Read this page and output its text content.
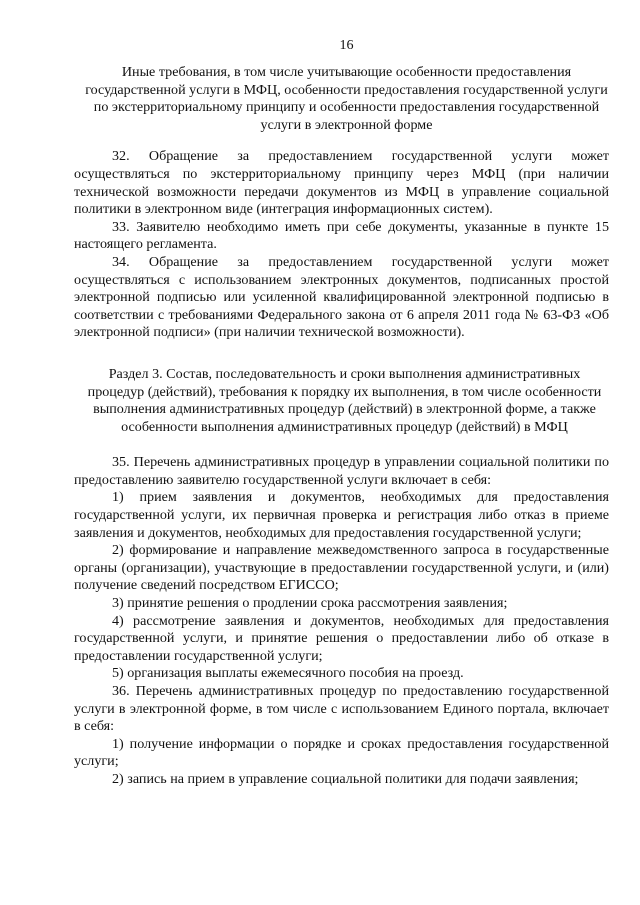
16

Иные требования, в том числе учитывающие особенности предоставления государственной услуги в МФЦ, особенности предоставления государственной услуги по экстерриториальному принципу и особенности предоставления государственной услуги в электронной форме

32. Обращение за предоставлением государственной услуги может осуществляться по экстерриториальному принципу через МФЦ (при наличии технической возможности передачи документов из МФЦ в управление социальной политики в электронном виде (интеграция информационных систем).

33. Заявителю необходимо иметь при себе документы, указанные в пункте 15 настоящего регламента.

34. Обращение за предоставлением государственной услуги может осуществляться с использованием электронных документов, подписанных простой электронной подписью или усиленной квалифицированной электронной подписью в соответствии с требованиями Федерального закона от 6 апреля 2011 года № 63-ФЗ «Об электронной подписи» (при наличии технической возможности).

Раздел 3. Состав, последовательность и сроки выполнения административных процедур (действий), требования к порядку их выполнения, в том числе особенности выполнения административных процедур (действий) в электронной форме, а также особенности выполнения административных процедур (действий) в МФЦ

35. Перечень административных процедур в управлении социальной политики по предоставлению заявителю государственной услуги включает в себя:

1) прием заявления и документов, необходимых для предоставления государственной услуги, их первичная проверка и регистрация либо отказ в приеме заявления и документов, необходимых для предоставления государственной услуги;

2) формирование и направление межведомственного запроса в государственные органы (организации), участвующие в предоставлении государственной услуги, и (или) получение сведений посредством ЕГИССО;

3) принятие решения о продлении срока рассмотрения заявления;

4) рассмотрение заявления и документов, необходимых для предоставления государственной услуги, и принятие решения о предоставлении либо об отказе в предоставлении государственной услуги;

5) организация выплаты ежемесячного пособия на проезд.

36. Перечень административных процедур по предоставлению государственной услуги в электронной форме, в том числе с использованием Единого портала, включает в себя:

1) получение информации о порядке и сроках предоставления государственной услуги;

2) запись на прием в управление социальной политики для подачи заявления;
